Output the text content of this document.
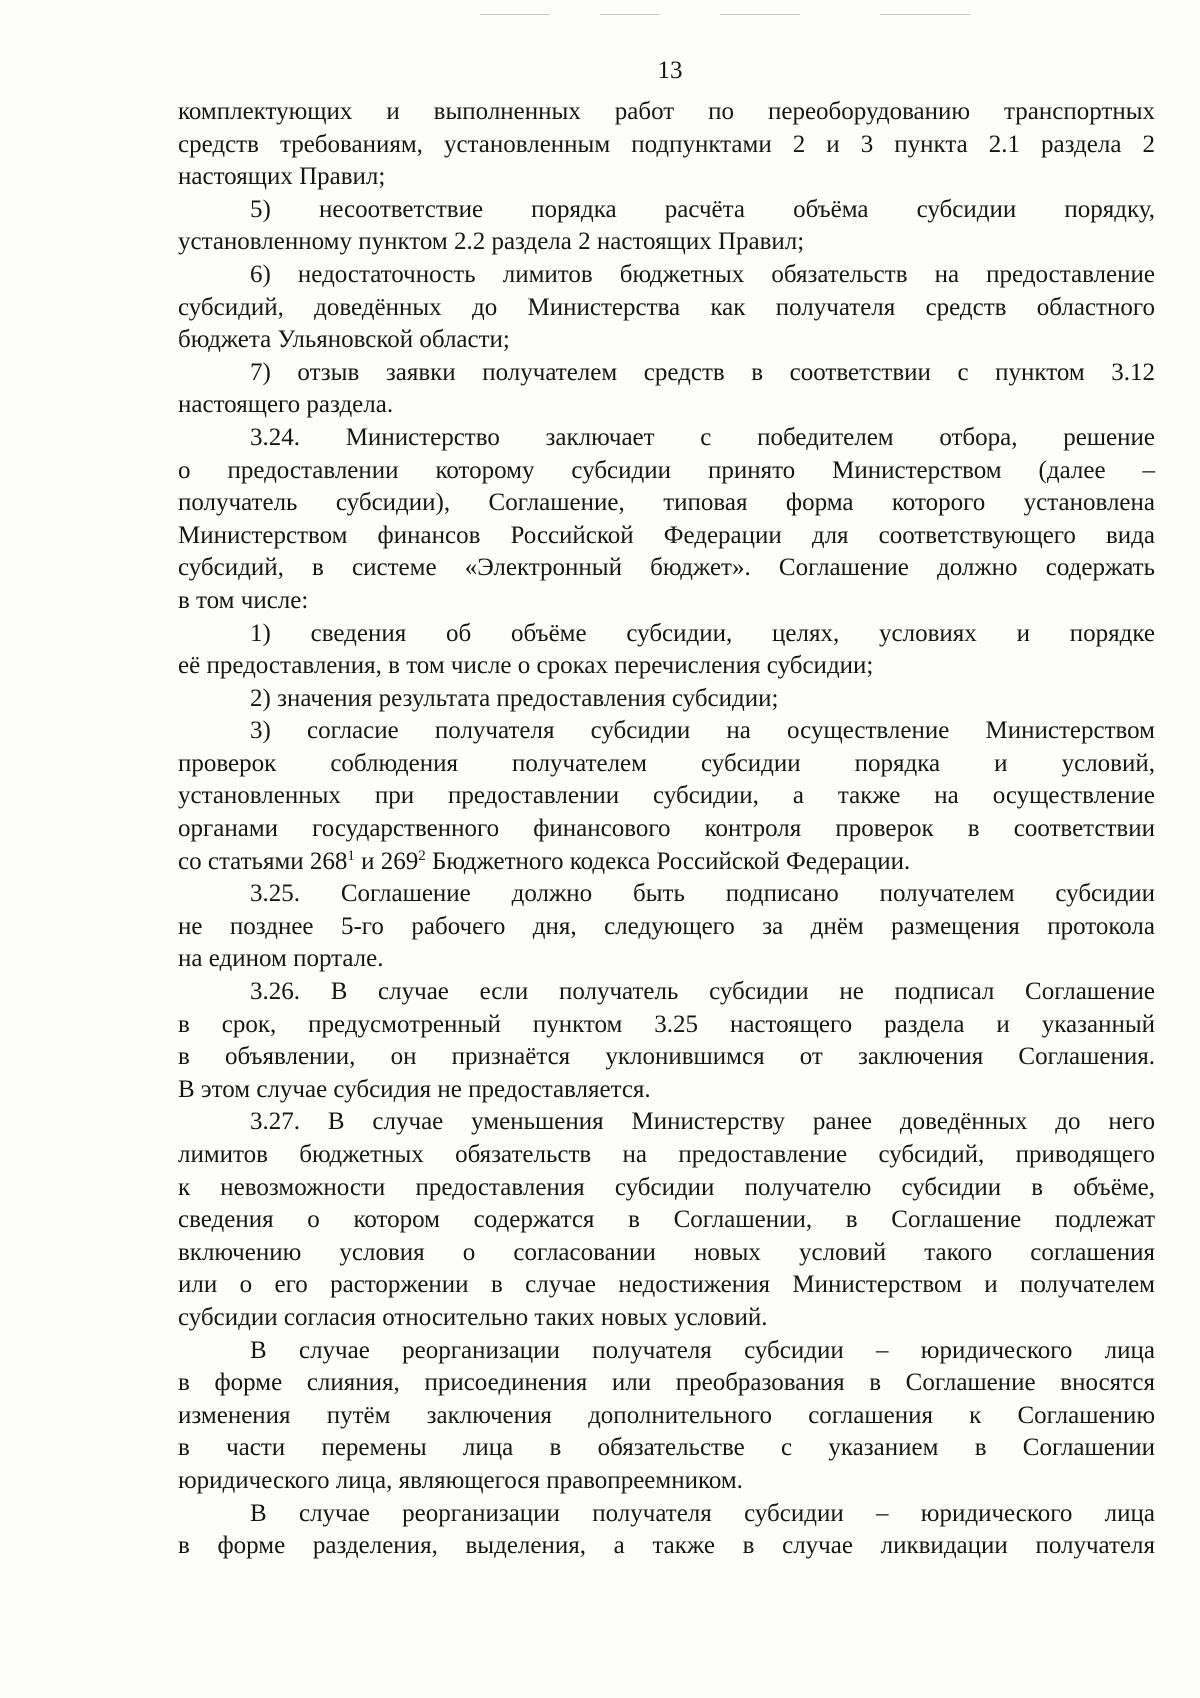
13

комплектующих и выполненных работ по переоборудованию транспортных
средств требованиям, установленным подпунктами 2 и 3 пункта 2.1 раздела 2

настоящих Правил;

5) несоответствие порядка расчёта объёма субсидии порядку,

установленному пунктом 2.2 раздела 2 настоящих Правил;

6) недостаточность лимитов бюджетных обязательств на предоставление

субсидий, доведённых до Министерства как получателя средств областного

бюджета Ульяновской области;

7) отзыв заявки получателем средств в соответствии с пунктом 3.12

настоящего раздела.

3.24. Министерство заключает с победителем отбора, решение

о предоставлении которому субсидии принято Министерством (далее –

получатель субсидии), Соглашение, типовая форма которого установлена

Министерством финансов Российской Федерации для соответствующего вида

субсидий, в системе «Электронный бюджет». Соглашение должно содержать

в том числе:

1) сведения об объёме субсидии, целях, условиях и порядке

её предоставления, в том числе о сроках перечисления субсидии;

2) значения результата предоставления субсидии;

3) согласие получателя субсидии на осуществление Министерством

проверок соблюдения получателем субсидии порядка и условий,

установленных при предоставлении субсидии, а также на осуществление

органами государственного финансового контроля проверок в соответствии

со статьями $268^1$ и $269^2$ Бюджетного кодекса Российской Федерации.

3.25. Соглашение должно быть подписано получателем субсидии

не позднее 5-го рабочего дня, следующего за днём размещения протокола

на едином портале.

3.26. В случае если получатель субсидии не подписал Соглашение

в срок, предусмотренный пунктом 3.25 настоящего раздела и указанный

в объявлении, он признаётся уклонившимся от заключения Соглашения.

В этом случае субсидия не предоставляется.

3.27. В случае уменьшения Министерству ранее доведённых до него

лимитов бюджетных обязательств на предоставление субсидий, приводящего

к невозможности предоставления субсидии получателю субсидии в объёме,

сведения о котором содержатся в Соглашении, в Соглашение подлежат

включению условия о согласовании новых условий такого соглашения

или о его расторжении в случае недостижения Министерством и получателем

субсидии согласия относительно таких новых условий.

В случае реорганизации получателя субсидии – юридического лица

в форме слияния, присоединения или преобразования в Соглашение вносятся

изменения путём заключения дополнительного соглашения к Соглашению

в части перемены лица в обязательстве с указанием в Соглашении

юридического лица, являющегося правопреемником.

В случае реорганизации получателя субсидии – юридического лица

в форме разделения, выделения, а также в случае ликвидации получателя
